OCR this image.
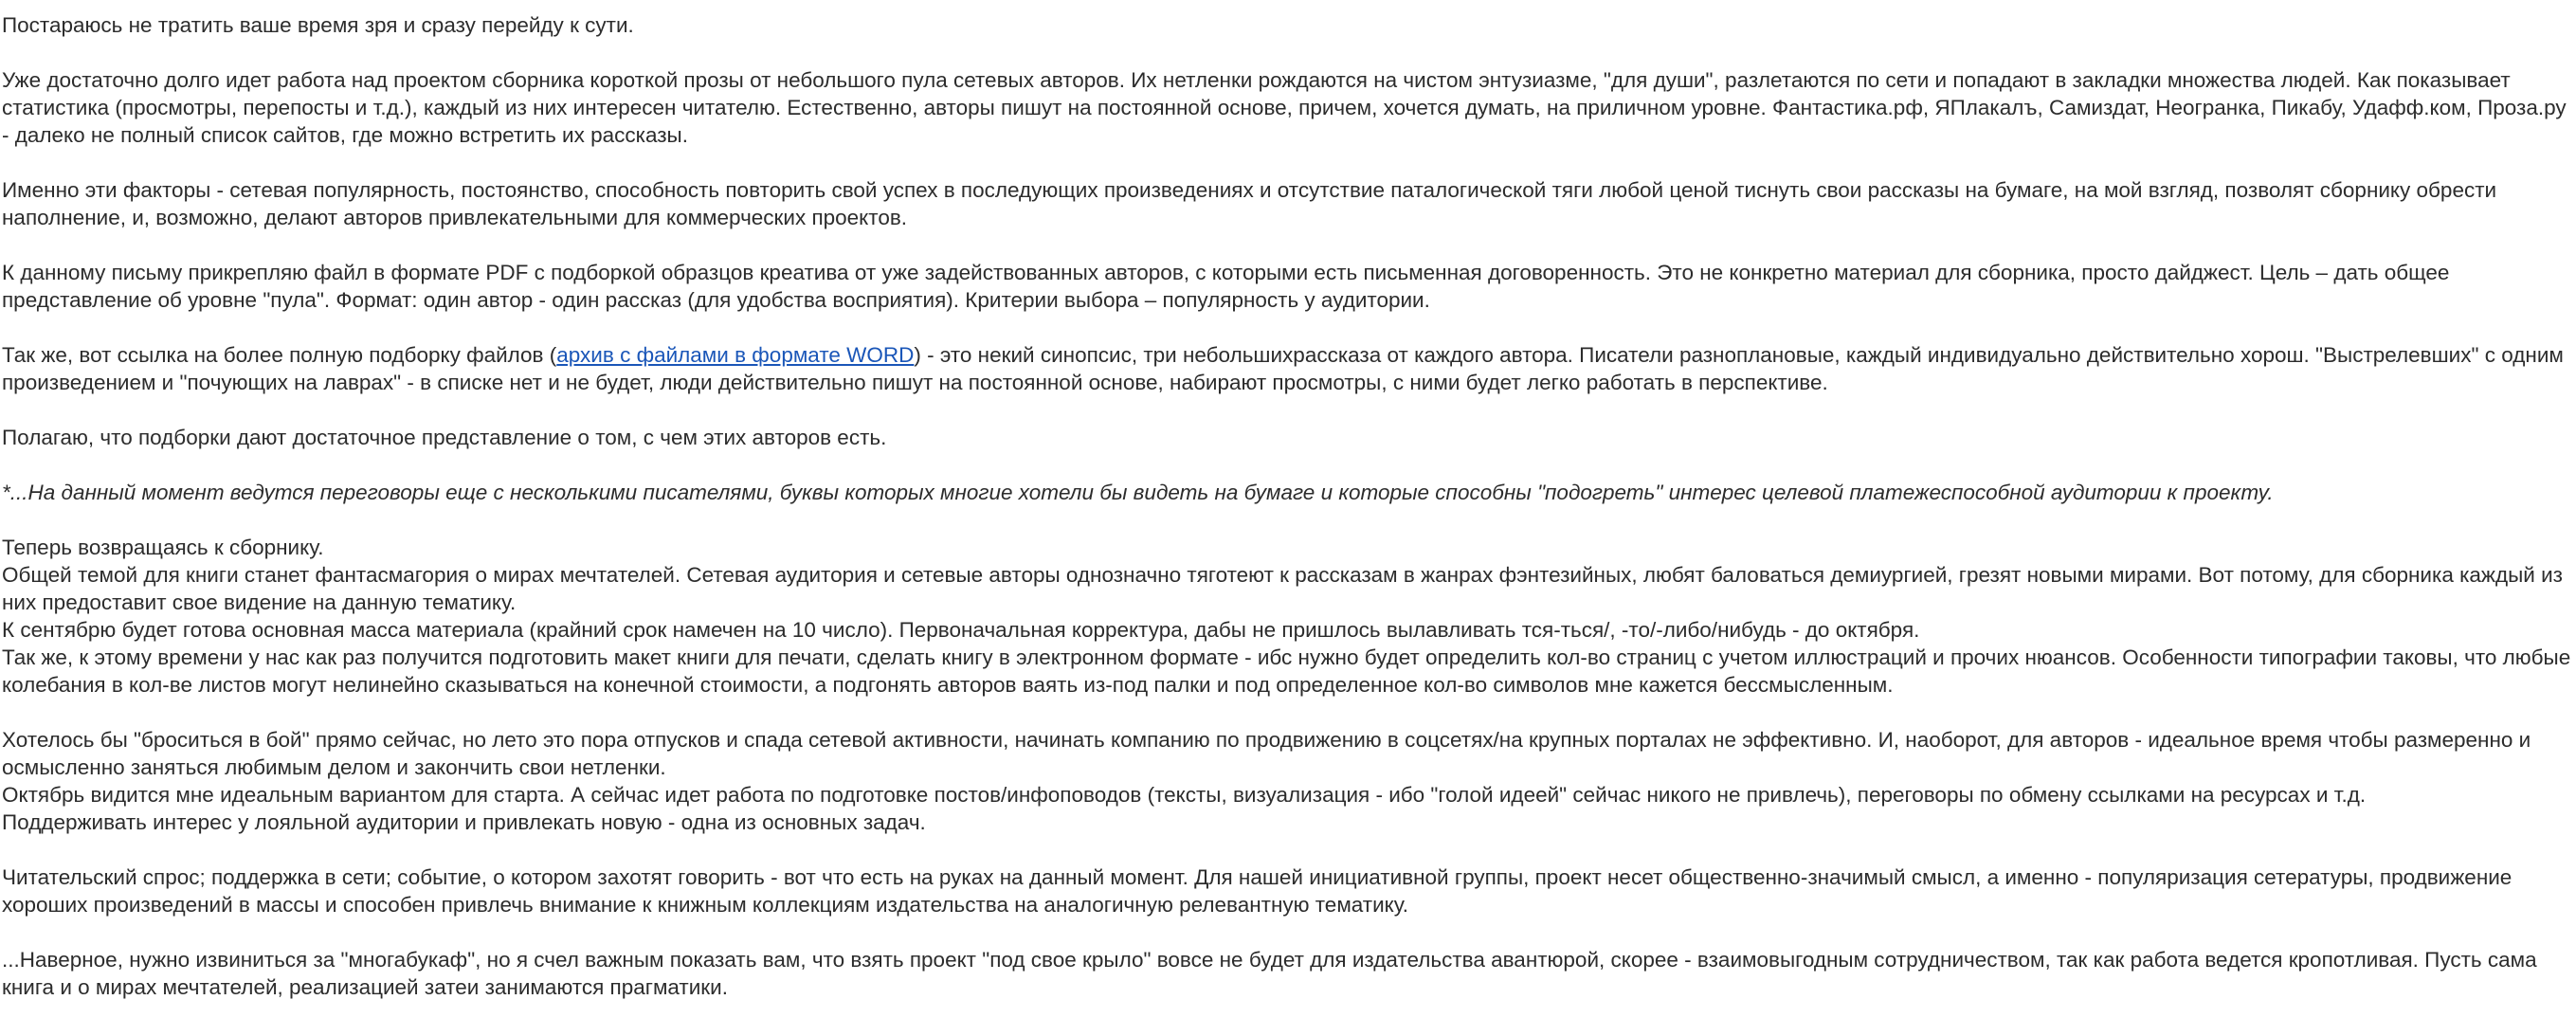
Постараюсь не тратить ваше время зря и сразу перейду к сути.

Уже достаточно долго идет работа над проектом сборника короткой прозы от небольшого пула сетевых авторов. Их нетленки рождаются на чистом энтузиазме, "для души", разлетаются по сети и попадают в закладки множества людей. Как показывает статистика (просмотры, перепосты и т.д.), каждый из них интересен читателю. Естественно, авторы пишут на постоянной основе, причем, хочется думать, на приличном уровне. Фантастика.рф, ЯПлакалъ, Самиздат, Неогранка, Пикабу, Удафф.ком, Проза.ру - далеко не полный список сайтов, где можно встретить их рассказы.

Именно эти факторы - сетевая популярность, постоянство, способность повторить свой успех в последующих произведениях и отсутствие паталогической тяги любой ценой тиснуть свои рассказы на бумаге, на мой взгляд, позволят сборнику обрести наполнение, и, возможно, делают авторов привлекательными для коммерческих проектов.

К данному письму прикрепляю файл в формате PDF с подборкой образцов креатива от уже задействованных авторов, с которыми есть письменная договоренность. Это не конкретно материал для сборника, просто дайджест. Цель – дать общее представление об уровне "пула". Формат: один автор - один рассказ (для удобства восприятия). Критерии выбора – популярность у аудитории.

Так же, вот ссылка на более полную подборку файлов (архив с файлами в формате WORD) - это некий синопсис, три небольшихрассказа от каждого автора. Писатели разноплановые, каждый индивидуально действительно хорош. "Выстрелевших" с одним произведением и "почующих на лаврах" - в списке нет и не будет, люди действительно пишут на постоянной основе, набирают просмотры, с ними будет легко работать в перспективе.

Полагаю, что подборки дают достаточное представление о том, с чем этих авторов есть.

*...На данный момент ведутся переговоры еще с несколькими писателями, буквы которых многие хотели бы видеть на бумаге и которые способны "подогреть" интерес целевой платежеспособной аудитории к проекту.

Теперь возвращаясь к сборнику.

Общей темой для книги станет фантасмагория о мирах мечтателей. Сетевая аудитория и сетевые авторы однозначно тяготеют к рассказам в жанрах фэнтезийных, любят баловаться демиургией, грезят новыми мирами. Вот потому, для сборника каждый из них предоставит свое видение на данную тематику.

К сентябрю будет готова основная масса материала (крайний срок намечен на 10 число). Первоначальная корректура, дабы не пришлось вылавливать тся-ться/, -то/-либо/нибудь - до октября.

Так же, к этому времени у нас как раз получится подготовить макет книги для печати, сделать книгу в электронном формате - ибс нужно будет определить кол-во страниц с учетом иллюстраций и прочих нюансов. Особенности типографии таковы, что любые колебания в кол-ве листов могут нелинейно сказываться на конечной стоимости, а подгонять авторов ваять из-под палки и под определенное кол-во символов мне кажется бессмысленным.

Хотелось бы "броситься в бой" прямо сейчас, но лето это пора отпусков и спада сетевой активности, начинать компанию по продвижению в соцсетях/на крупных порталах не эффективно. И, наоборот, для авторов - идеальное время чтобы размеренно и осмысленно заняться любимым делом и закончить свои нетленки.

Октябрь видится мне идеальным вариантом для старта. А сейчас идет работа по подготовке постов/инфоповодов (тексты, визуализация - ибо "голой идеей" сейчас никого не привлечь), переговоры по обмену ссылками на ресурсах и т.д.

Поддерживать интерес у лояльной аудитории и привлекать новую - одна из основных задач.

Читательский спрос; поддержка в сети; событие, о котором захотят говорить - вот что есть на руках на данный момент. Для нашей инициативной группы, проект несет общественно-значимый смысл, а именно - популяризация сетературы, продвижение хороших произведений в массы и способен привлечь внимание к книжным коллекциям издательства на аналогичную релевантную тематику.

...Наверное, нужно извиниться за "многабукаф", но я счел важным показать вам, что взять проект "под свое крыло" вовсе не будет для издательства авантюрой, скорее - взаимовыгодным сотрудничеством, так как работа ведется кропотливая. Пусть сама книга и о мирах мечтателей, реализацией затеи занимаются прагматики.
